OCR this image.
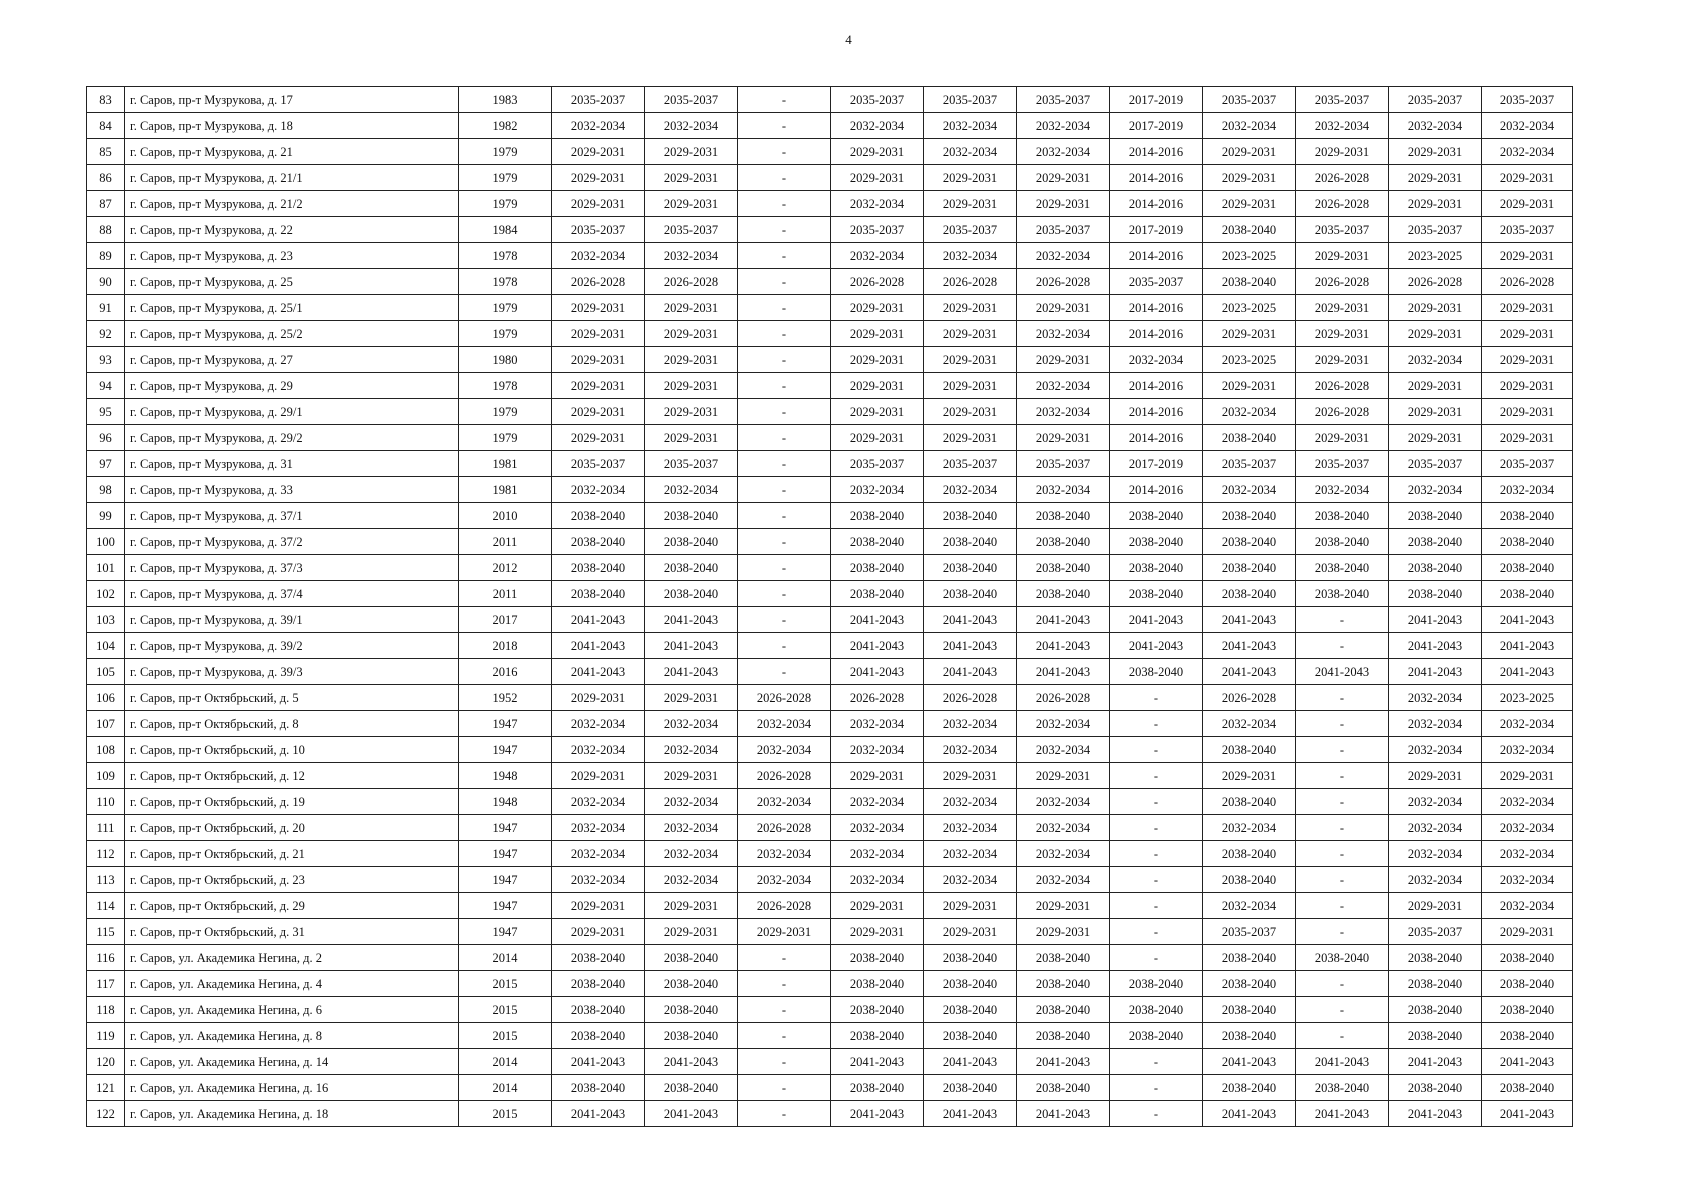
4
83	г. Саров, пр-т Музрукова, д. 17	1983	2035-2037	2035-2037	-	2035-2037	2035-2037	2035-2037	2017-2019	2035-2037	2035-2037	2035-2037	2035-2037
84	г. Саров, пр-т Музрукова, д. 18	1982	2032-2034	2032-2034	-	2032-2034	2032-2034	2032-2034	2017-2019	2032-2034	2032-2034	2032-2034	2032-2034
85	г. Саров, пр-т Музрукова, д. 21	1979	2029-2031	2029-2031	-	2029-2031	2032-2034	2032-2034	2014-2016	2029-2031	2029-2031	2029-2031	2032-2034
86	г. Саров, пр-т Музрукова, д. 21/1	1979	2029-2031	2029-2031	-	2029-2031	2029-2031	2029-2031	2014-2016	2029-2031	2026-2028	2029-2031	2029-2031
87	г. Саров, пр-т Музрукова, д. 21/2	1979	2029-2031	2029-2031	-	2032-2034	2029-2031	2029-2031	2014-2016	2029-2031	2026-2028	2029-2031	2029-2031
88	г. Саров, пр-т Музрукова, д. 22	1984	2035-2037	2035-2037	-	2035-2037	2035-2037	2035-2037	2017-2019	2038-2040	2035-2037	2035-2037	2035-2037
89	г. Саров, пр-т Музрукова, д. 23	1978	2032-2034	2032-2034	-	2032-2034	2032-2034	2032-2034	2014-2016	2023-2025	2029-2031	2023-2025	2029-2031
90	г. Саров, пр-т Музрукова, д. 25	1978	2026-2028	2026-2028	-	2026-2028	2026-2028	2026-2028	2035-2037	2038-2040	2026-2028	2026-2028	2026-2028
91	г. Саров, пр-т Музрукова, д. 25/1	1979	2029-2031	2029-2031	-	2029-2031	2029-2031	2029-2031	2014-2016	2023-2025	2029-2031	2029-2031	2029-2031
92	г. Саров, пр-т Музрукова, д. 25/2	1979	2029-2031	2029-2031	-	2029-2031	2029-2031	2032-2034	2014-2016	2029-2031	2029-2031	2029-2031	2029-2031
93	г. Саров, пр-т Музрукова, д. 27	1980	2029-2031	2029-2031	-	2029-2031	2029-2031	2029-2031	2032-2034	2023-2025	2029-2031	2032-2034	2029-2031
94	г. Саров, пр-т Музрукова, д. 29	1978	2029-2031	2029-2031	-	2029-2031	2029-2031	2032-2034	2014-2016	2029-2031	2026-2028	2029-2031	2029-2031
95	г. Саров, пр-т Музрукова, д. 29/1	1979	2029-2031	2029-2031	-	2029-2031	2029-2031	2032-2034	2014-2016	2032-2034	2026-2028	2029-2031	2029-2031
96	г. Саров, пр-т Музрукова, д. 29/2	1979	2029-2031	2029-2031	-	2029-2031	2029-2031	2029-2031	2014-2016	2038-2040	2029-2031	2029-2031	2029-2031
97	г. Саров, пр-т Музрукова, д. 31	1981	2035-2037	2035-2037	-	2035-2037	2035-2037	2035-2037	2017-2019	2035-2037	2035-2037	2035-2037	2035-2037
98	г. Саров, пр-т Музрукова, д. 33	1981	2032-2034	2032-2034	-	2032-2034	2032-2034	2032-2034	2014-2016	2032-2034	2032-2034	2032-2034	2032-2034
99	г. Саров, пр-т Музрукова, д. 37/1	2010	2038-2040	2038-2040	-	2038-2040	2038-2040	2038-2040	2038-2040	2038-2040	2038-2040	2038-2040	2038-2040
100	г. Саров, пр-т Музрукова, д. 37/2	2011	2038-2040	2038-2040	-	2038-2040	2038-2040	2038-2040	2038-2040	2038-2040	2038-2040	2038-2040	2038-2040
101	г. Саров, пр-т Музрукова, д. 37/3	2012	2038-2040	2038-2040	-	2038-2040	2038-2040	2038-2040	2038-2040	2038-2040	2038-2040	2038-2040	2038-2040
102	г. Саров, пр-т Музрукова, д. 37/4	2011	2038-2040	2038-2040	-	2038-2040	2038-2040	2038-2040	2038-2040	2038-2040	2038-2040	2038-2040	2038-2040
103	г. Саров, пр-т Музрукова, д. 39/1	2017	2041-2043	2041-2043	-	2041-2043	2041-2043	2041-2043	2041-2043	2041-2043	-	2041-2043	2041-2043
104	г. Саров, пр-т Музрукова, д. 39/2	2018	2041-2043	2041-2043	-	2041-2043	2041-2043	2041-2043	2041-2043	2041-2043	-	2041-2043	2041-2043
105	г. Саров, пр-т Музрукова, д. 39/3	2016	2041-2043	2041-2043	-	2041-2043	2041-2043	2041-2043	2038-2040	2041-2043	2041-2043	2041-2043	2041-2043
106	г. Саров, пр-т Октябрьский, д. 5	1952	2029-2031	2029-2031	2026-2028	2026-2028	2026-2028	2026-2028	-	2026-2028	-	2032-2034	2023-2025
107	г. Саров, пр-т Октябрьский, д. 8	1947	2032-2034	2032-2034	2032-2034	2032-2034	2032-2034	2032-2034	-	2032-2034	-	2032-2034	2032-2034
108	г. Саров, пр-т Октябрьский, д. 10	1947	2032-2034	2032-2034	2032-2034	2032-2034	2032-2034	2032-2034	-	2038-2040	-	2032-2034	2032-2034
109	г. Саров, пр-т Октябрьский, д. 12	1948	2029-2031	2029-2031	2026-2028	2029-2031	2029-2031	2029-2031	-	2029-2031	-	2029-2031	2029-2031
110	г. Саров, пр-т Октябрьский, д. 19	1948	2032-2034	2032-2034	2032-2034	2032-2034	2032-2034	2032-2034	-	2038-2040	-	2032-2034	2032-2034
111	г. Саров, пр-т Октябрьский, д. 20	1947	2032-2034	2032-2034	2026-2028	2032-2034	2032-2034	2032-2034	-	2032-2034	-	2032-2034	2032-2034
112	г. Саров, пр-т Октябрьский, д. 21	1947	2032-2034	2032-2034	2032-2034	2032-2034	2032-2034	2032-2034	-	2038-2040	-	2032-2034	2032-2034
113	г. Саров, пр-т Октябрьский, д. 23	1947	2032-2034	2032-2034	2032-2034	2032-2034	2032-2034	2032-2034	-	2038-2040	-	2032-2034	2032-2034
114	г. Саров, пр-т Октябрьский, д. 29	1947	2029-2031	2029-2031	2026-2028	2029-2031	2029-2031	2029-2031	-	2032-2034	-	2029-2031	2032-2034
115	г. Саров, пр-т Октябрьский, д. 31	1947	2029-2031	2029-2031	2029-2031	2029-2031	2029-2031	2029-2031	-	2035-2037	-	2035-2037	2029-2031
116	г. Саров, ул. Академика Негина, д. 2	2014	2038-2040	2038-2040	-	2038-2040	2038-2040	2038-2040	-	2038-2040	2038-2040	2038-2040	2038-2040
117	г. Саров, ул. Академика Негина, д. 4	2015	2038-2040	2038-2040	-	2038-2040	2038-2040	2038-2040	2038-2040	2038-2040	-	2038-2040	2038-2040
118	г. Саров, ул. Академика Негина, д. 6	2015	2038-2040	2038-2040	-	2038-2040	2038-2040	2038-2040	2038-2040	2038-2040	-	2038-2040	2038-2040
119	г. Саров, ул. Академика Негина, д. 8	2015	2038-2040	2038-2040	-	2038-2040	2038-2040	2038-2040	2038-2040	2038-2040	-	2038-2040	2038-2040
120	г. Саров, ул. Академика Негина, д. 14	2014	2041-2043	2041-2043	-	2041-2043	2041-2043	2041-2043	-	2041-2043	2041-2043	2041-2043	2041-2043
121	г. Саров, ул. Академика Негина, д. 16	2014	2038-2040	2038-2040	-	2038-2040	2038-2040	2038-2040	-	2038-2040	2038-2040	2038-2040	2038-2040
122	г. Саров, ул. Академика Негина, д. 18	2015	2041-2043	2041-2043	-	2041-2043	2041-2043	2041-2043	-	2041-2043	2041-2043	2041-2043	2041-2043
